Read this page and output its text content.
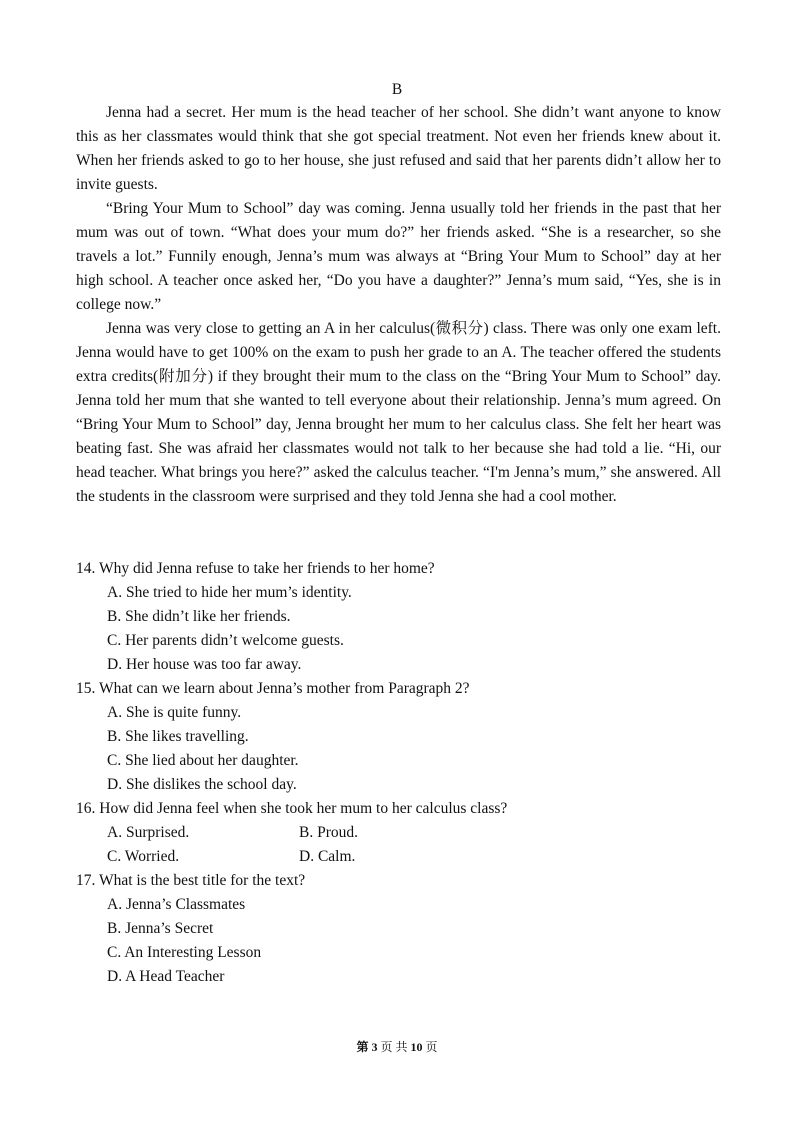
B

Jenna had a secret. Her mum is the head teacher of her school. She didn’t want anyone to know this as her classmates would think that she got special treatment. Not even her friends knew about it. When her friends asked to go to her house, she just refused and said that her parents didn’t allow her to invite guests.

“Bring Your Mum to School” day was coming. Jenna usually told her friends in the past that her mum was out of town. “What does your mum do?” her friends asked. “She is a researcher, so she travels a lot.” Funnily enough, Jenna’s mum was always at “Bring Your Mum to School” day at her high school. A teacher once asked her, “Do you have a daughter?” Jenna’s mum said, “Yes, she is in college now.”

Jenna was very close to getting an A in her calculus(微积分) class. There was only one exam left. Jenna would have to get 100% on the exam to push her grade to an A. The teacher offered the students extra credits(附加分) if they brought their mum to the class on the “Bring Your Mum to School” day. Jenna told her mum that she wanted to tell everyone about their relationship. Jenna’s mum agreed. On “Bring Your Mum to School” day, Jenna brought her mum to her calculus class. She felt her heart was beating fast. She was afraid her classmates would not talk to her because she had told a lie. “Hi, our head teacher. What brings you here?” asked the calculus teacher. “I'm Jenna’s mum,” she answered. All the students in the classroom were surprised and they told Jenna she had a cool mother.

14. Why did Jenna refuse to take her friends to her home?

A. She tried to hide her mum’s identity.
B. She didn’t like her friends.
C. Her parents didn’t welcome guests.
D. Her house was too far away.

15. What can we learn about Jenna’s mother from Paragraph 2?

A. She is quite funny.
B. She likes travelling.
C. She lied about her daughter.
D. She dislikes the school day.

16. How did Jenna feel when she took her mum to her calculus class?

A. Surprised.	B. Proud.
C. Worried.	D. Calm.

17. What is the best title for the text?

A. Jenna’s Classmates
B. Jenna’s Secret
C. An Interesting Lesson
D. A Head Teacher
第 3 页 共 10 页
